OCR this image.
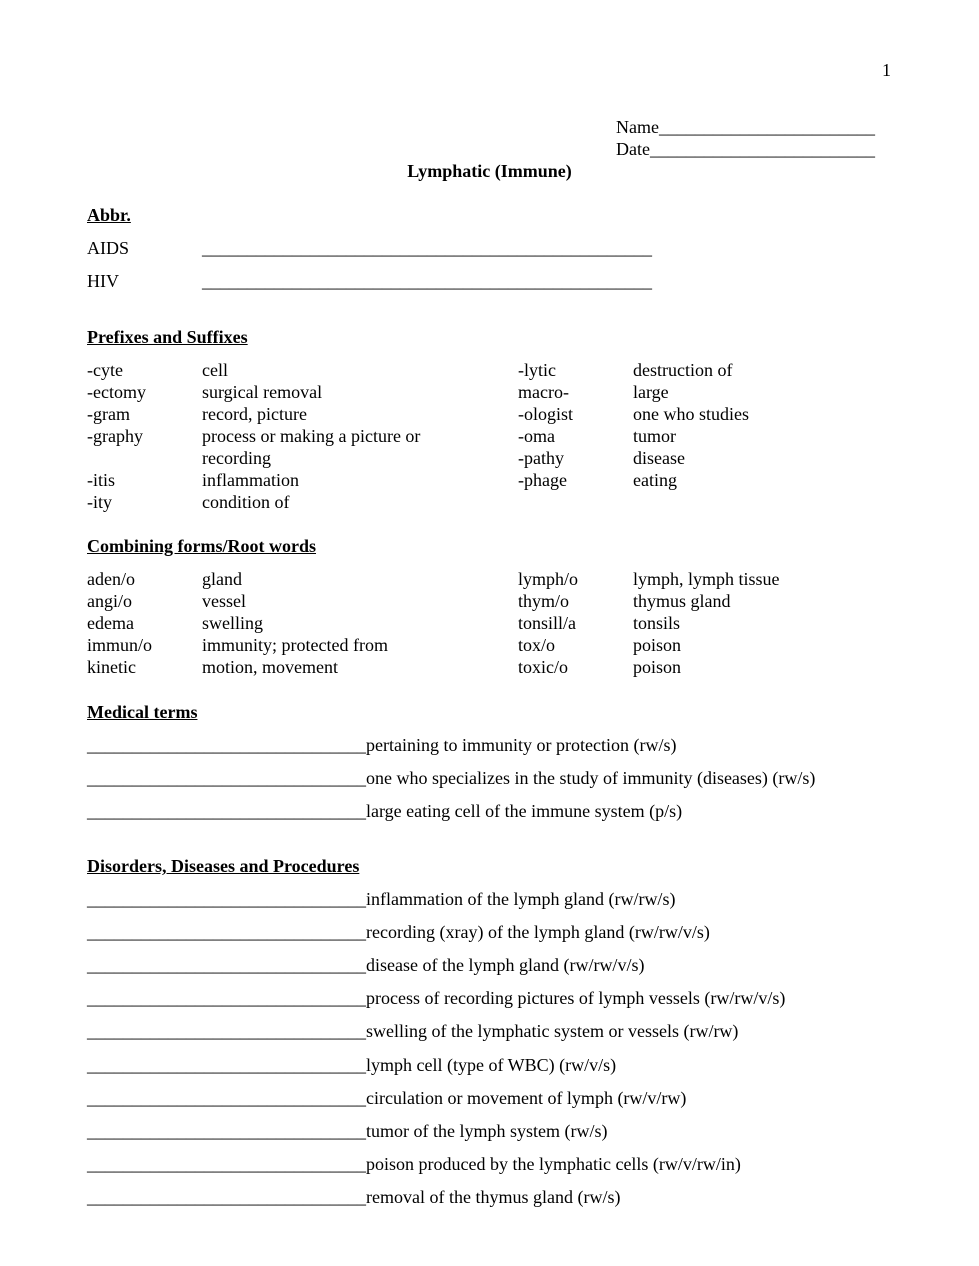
1
Name________________________
Date_________________________
Lymphatic (Immune)
Abbr.
AIDS	__________________________________________________
HIV	__________________________________________________
Prefixes and Suffixes
-cyte	cell
-ectomy	surgical removal
-gram	record, picture
-graphy	process or making a picture or
recording
-itis	inflammation
-ity	condition of
-lytic	destruction of
macro-	large
-ologist	one who studies
-oma	tumor
-pathy	disease
-phage	eating
Combining forms/Root words
aden/o	gland
angi/o	vessel
edema	swelling
immun/o	immunity; protected from
kinetic	motion, movement
lymph/o	lymph, lymph tissue
thym/o	thymus gland
tonsill/a	tonsils
tox/o	poison
toxic/o	poison
Medical terms
_______________________________pertaining to immunity or protection (rw/s)
_______________________________one who specializes in the study of immunity (diseases) (rw/s)
_______________________________large eating cell of the immune system (p/s)
Disorders, Diseases and Procedures
_______________________________inflammation of the lymph gland (rw/rw/s)
_______________________________recording (xray) of the lymph gland (rw/rw/v/s)
_______________________________disease of the lymph gland (rw/rw/v/s)
_______________________________process of recording pictures of lymph vessels (rw/rw/v/s)
_______________________________swelling of the lymphatic system or vessels (rw/rw)
_______________________________lymph cell (type of WBC) (rw/v/s)
_______________________________circulation or movement of lymph (rw/v/rw)
_______________________________tumor of the lymph system (rw/s)
_______________________________poison produced by the lymphatic cells (rw/v/rw/in)
_______________________________removal of the thymus gland (rw/s)
